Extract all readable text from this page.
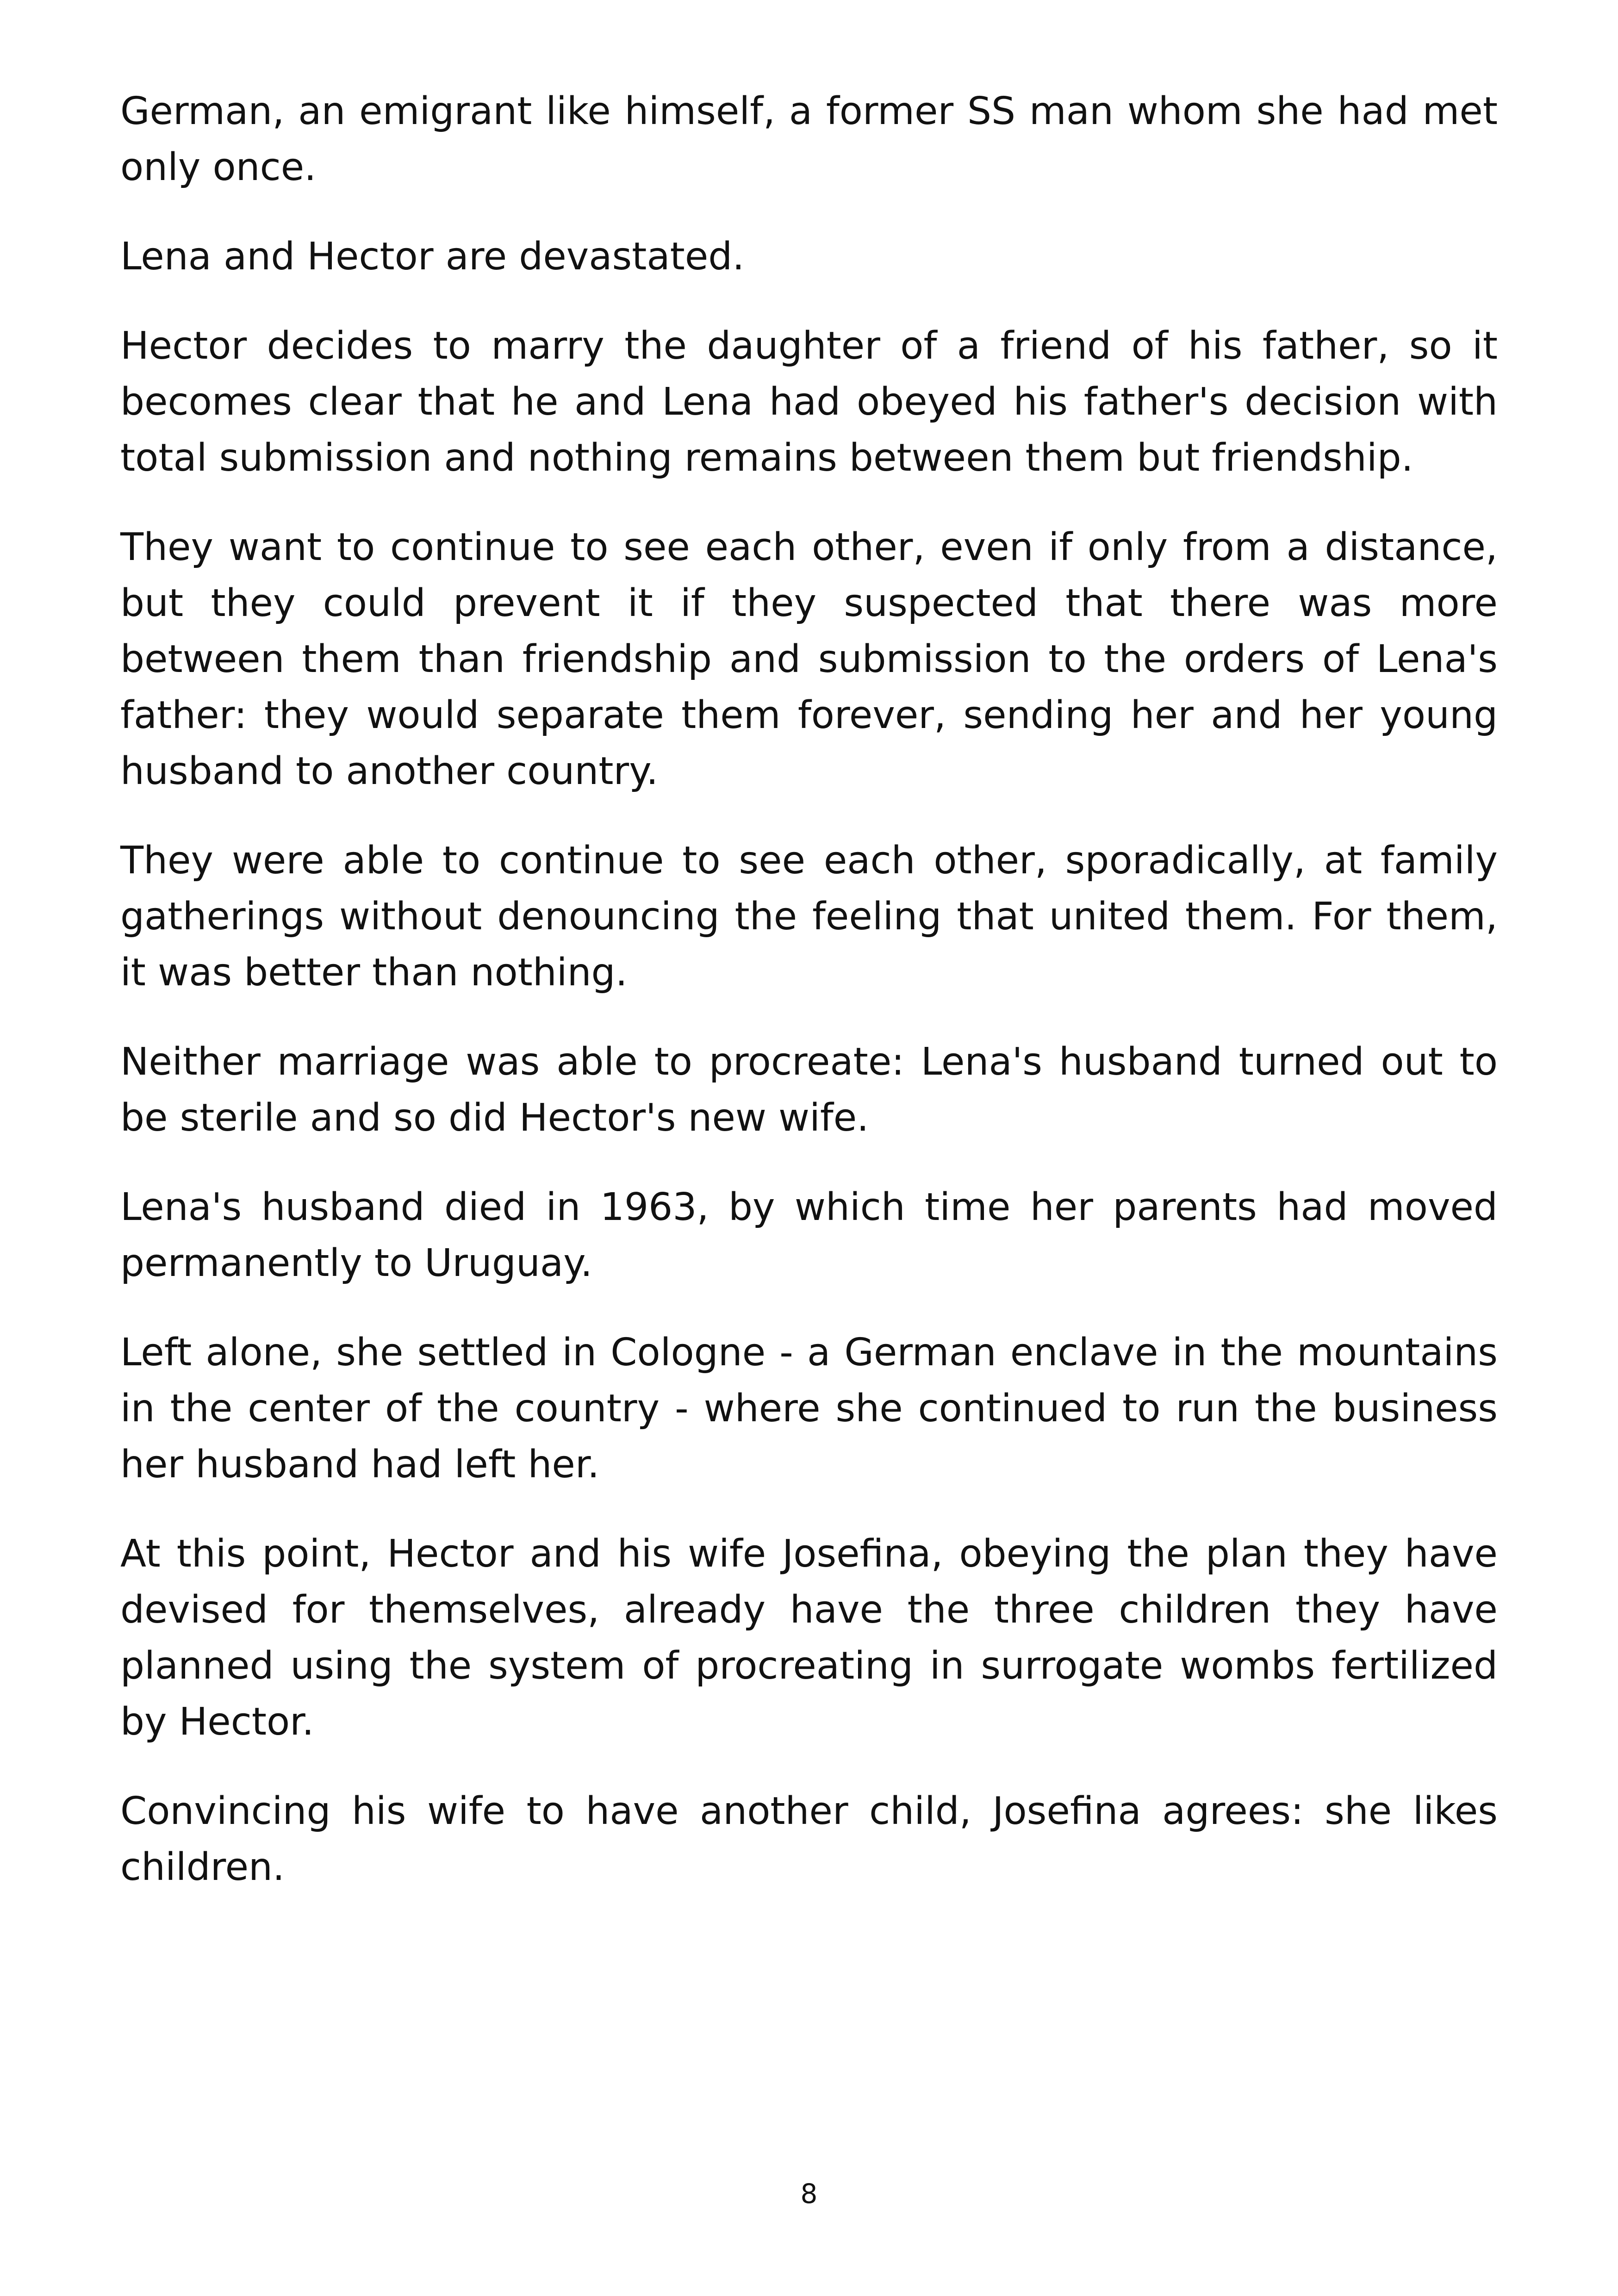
German, an emigrant like himself, a former SS man whom she had met only once.

Lena and Hector are devastated.

Hector decides to marry the daughter of a friend of his father, so it becomes clear that he and Lena had obeyed his father's decision with total submission and nothing remains between them but friendship.

They want to continue to see each other, even if only from a distance, but they could prevent it if they suspected that there was more between them than friendship and submission to the orders of Lena's father: they would separate them forever, sending her and her young husband to another country.

They were able to continue to see each other, sporadically, at family gatherings without denouncing the feeling that united them. For them, it was better than nothing.

Neither marriage was able to procreate: Lena's husband turned out to be sterile and so did Hector's new wife.

Lena's husband died in 1963, by which time her parents had moved permanently to Uruguay.

Left alone, she settled in Cologne - a German enclave in the mountains in the center of the country - where she continued to run the business her husband had left her.

At this point, Hector and his wife Josefina, obeying the plan they have devised for themselves, already have the three children they have planned using the system of procreating in surrogate wombs fertilized by Hector.

Convincing his wife to have another child, Josefina agrees: she likes children.

8
